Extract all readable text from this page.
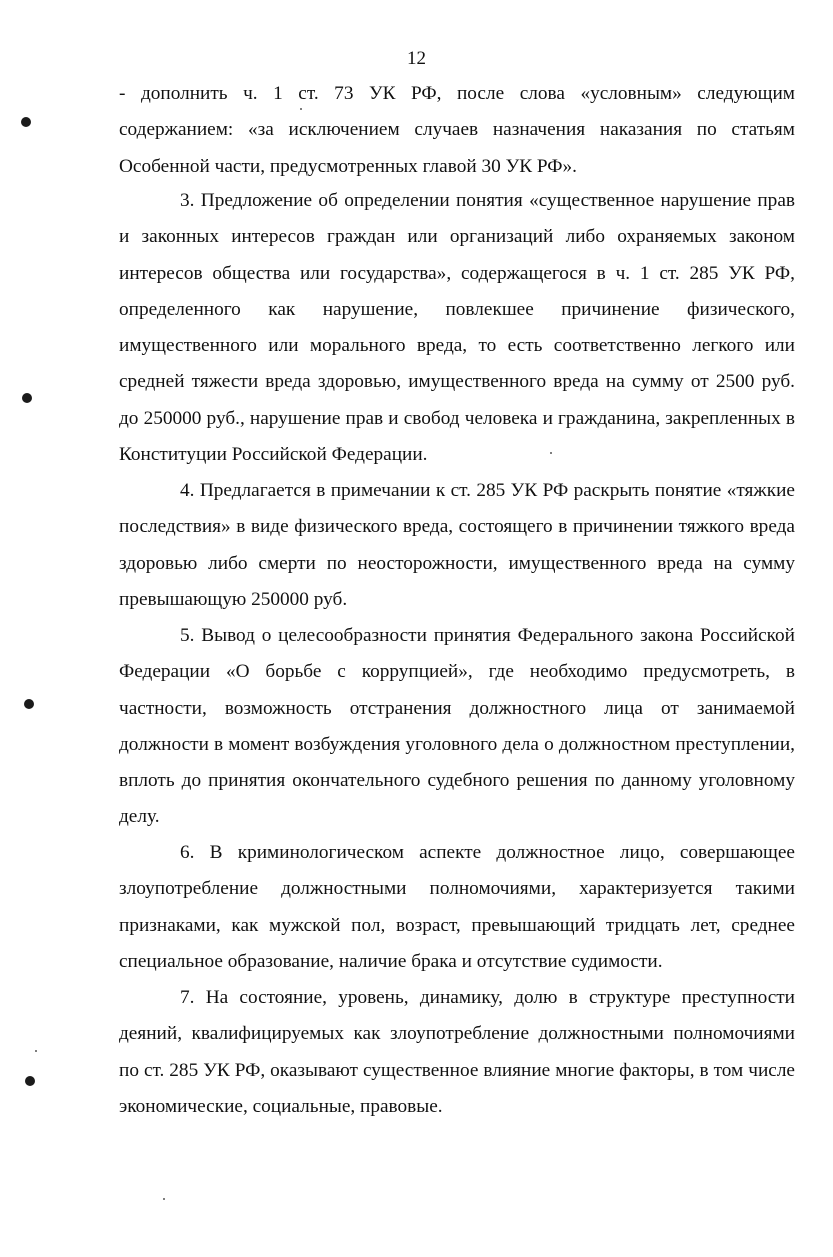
12

- дополнить ч. 1 ст. 73 УК РФ, после слова «условным» следующим содержанием: «за исключением случаев назначения наказания по статьям Особенной части, предусмотренных главой 30 УК РФ».

3. Предложение об определении понятия «существенное нарушение прав и законных интересов граждан или организаций либо охраняемых законом интересов общества или государства», содержащегося в ч. 1 ст. 285 УК РФ, определенного как нарушение, повлекшее причинение физического, имущественного или морального вреда, то есть соответственно легкого или средней тяжести вреда здоровью, имущественного вреда на сумму от 2500 руб. до 250000 руб., нарушение прав и свобод человека и гражданина, закрепленных в Конституции Российской Федерации.

4. Предлагается в примечании к ст. 285 УК РФ раскрыть понятие «тяжкие последствия» в виде физического вреда, состоящего в причинении тяжкого вреда здоровью либо смерти по неосторожности, имущественного вреда на сумму превышающую 250000 руб.

5. Вывод о целесообразности принятия Федерального закона Российской Федерации «О борьбе с коррупцией», где необходимо предусмотреть, в частности, возможность отстранения должностного лица от занимаемой должности в момент возбуждения уголовного дела о должностном преступлении, вплоть до принятия окончательного судебного решения по данному уголовному делу.

6. В криминологическом аспекте должностное лицо, совершающее злоупотребление должностными полномочиями, характеризуется такими признаками, как мужской пол, возраст, превышающий тридцать лет, среднее специальное образование, наличие брака и отсутствие судимости.

7. На состояние, уровень, динамику, долю в структуре преступности деяний, квалифицируемых как злоупотребление должностными полномочиями по ст. 285 УК РФ, оказывают существенное влияние многие факторы, в том числе экономические, социальные, правовые.
